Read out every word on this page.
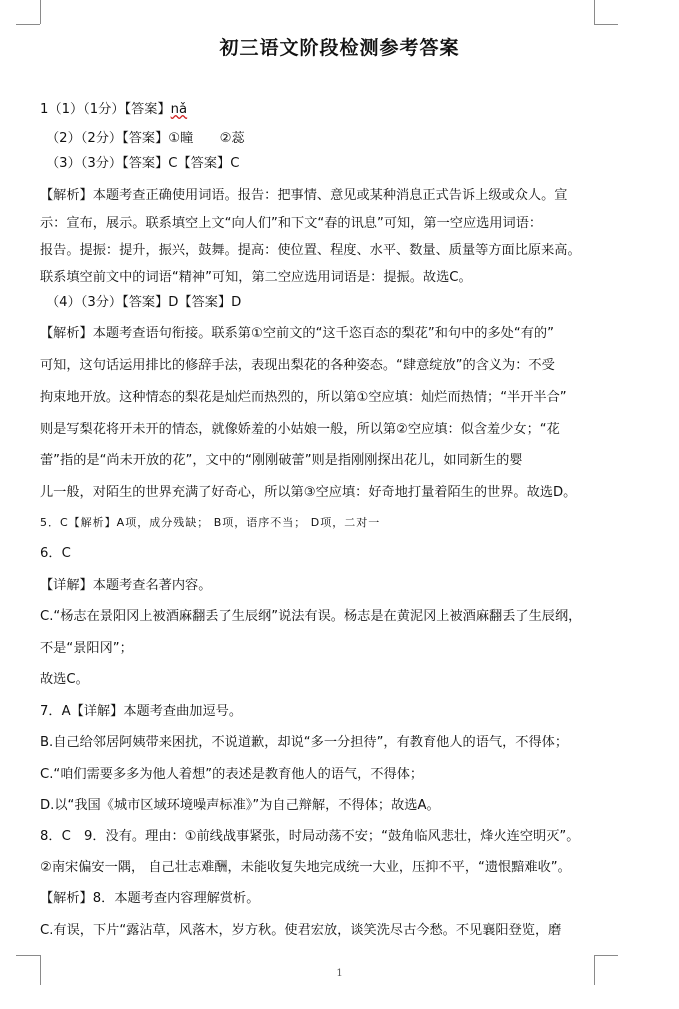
初三语文阶段检测参考答案
1（1）（1分）【答案】nǎ
（2）（2分）【答案】①瞳　　②蕊
（3）（3分）【答案】C【答案】C
【解析】本题考查正确使用词语。报告：把事情、意见或某种消息正式告诉上级或众人。宣
示：宣布，展示。联系填空上文“向人们”和下文“春的讯息”可知，第一空应选用词语：
报告。提振：提升，振兴，鼓舞。提高：使位置、程度、水平、数量、质量等方面比原来高。
联系填空前文中的词语“精神”可知，第二空应选用词语是：提振。故选C。
（4）（3分）【答案】D【答案】D
【解析】本题考查语句衔接。联系第①空前文的“这千恣百态的梨花”和句中的多处“有的”
可知，这句话运用排比的修辞手法，表现出梨花的各种姿态。“肆意绽放”的含义为：不受
拘束地开放。这种情态的梨花是灿烂而热烈的，所以第①空应填：灿烂而热情；“半开半合”
则是写梨花将开未开的情态，就像娇羞的小姑娘一般，所以第②空应填：似含羞少女；“花
蕾”指的是“尚未开放的花”，文中的“刚刚破蕾”则是指刚刚探出花儿，如同新生的婴
儿一般，对陌生的世界充满了好奇心，所以第③空应填：好奇地打量着陌生的世界。故选D。
5．C【解析】A项，成分残缺； B项，语序不当； D项，二对一
6．C
【详解】本题考查名著内容。
C.“杨志在景阳冈上被酒麻翻丢了生辰纲”说法有误。杨志是在黄泥冈上被酒麻翻丢了生辰纲，
不是“景阳冈”；
故选C。
7．A【详解】本题考查曲加逗号。
B.自己给邻居阿姨带来困扰，不说道歉，却说“多一分担待”，有教育他人的语气，不得体；
C.“咱们需要多多为他人着想”的表述是教育他人的语气，不得体；
D.以“我国《城市区域环境噪声标准》”为自己辩解，不得体；故选A。
8．C　9．没有。理由：①前线战事紧张，时局动荡不安；“鼓角临风悲壮，烽火连空明灭”。
②南宋偏安一隅， 自己壮志难酬，未能收复失地完成统一大业，压抑不平，“遗恨黯难收”。
【解析】8．本题考查内容理解赏析。
C.有误，下片“露沾草，风落木，岁方秋。使君宏放，谈笑洗尽古今愁。不见襄阳登览，磨
1
